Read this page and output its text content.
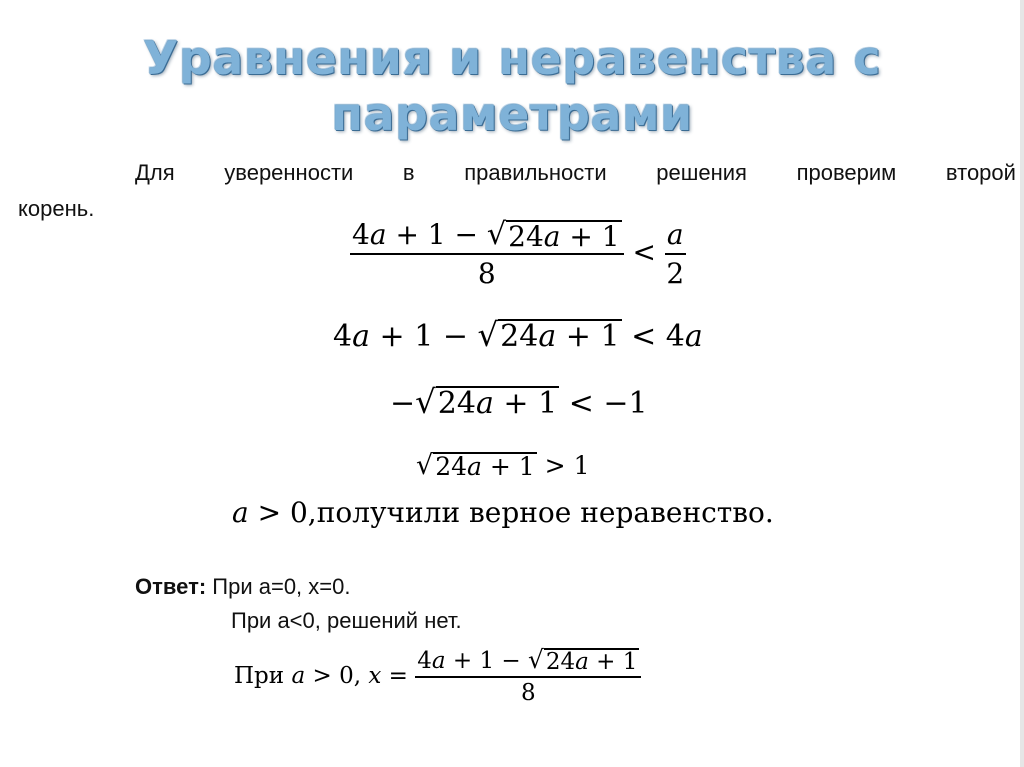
Уравнения и неравенства с
параметрами
Для уверенности в правильности решения проверим второй
корень.
$\frac{4a + 1 - √ 24a + 1}{8} < \frac{a}{2}$
4a + 1 − √ 24a + 1 < 4a
− √ 24a + 1 < −1
√ 24a + 1 > 1
a > 0,получили верное неравенство.
Ответ: При а=0, х=0.
При а<0, решений нет.
При a > 0, $x = \frac{4a + 1 - √ 24a + 1}{8}$
